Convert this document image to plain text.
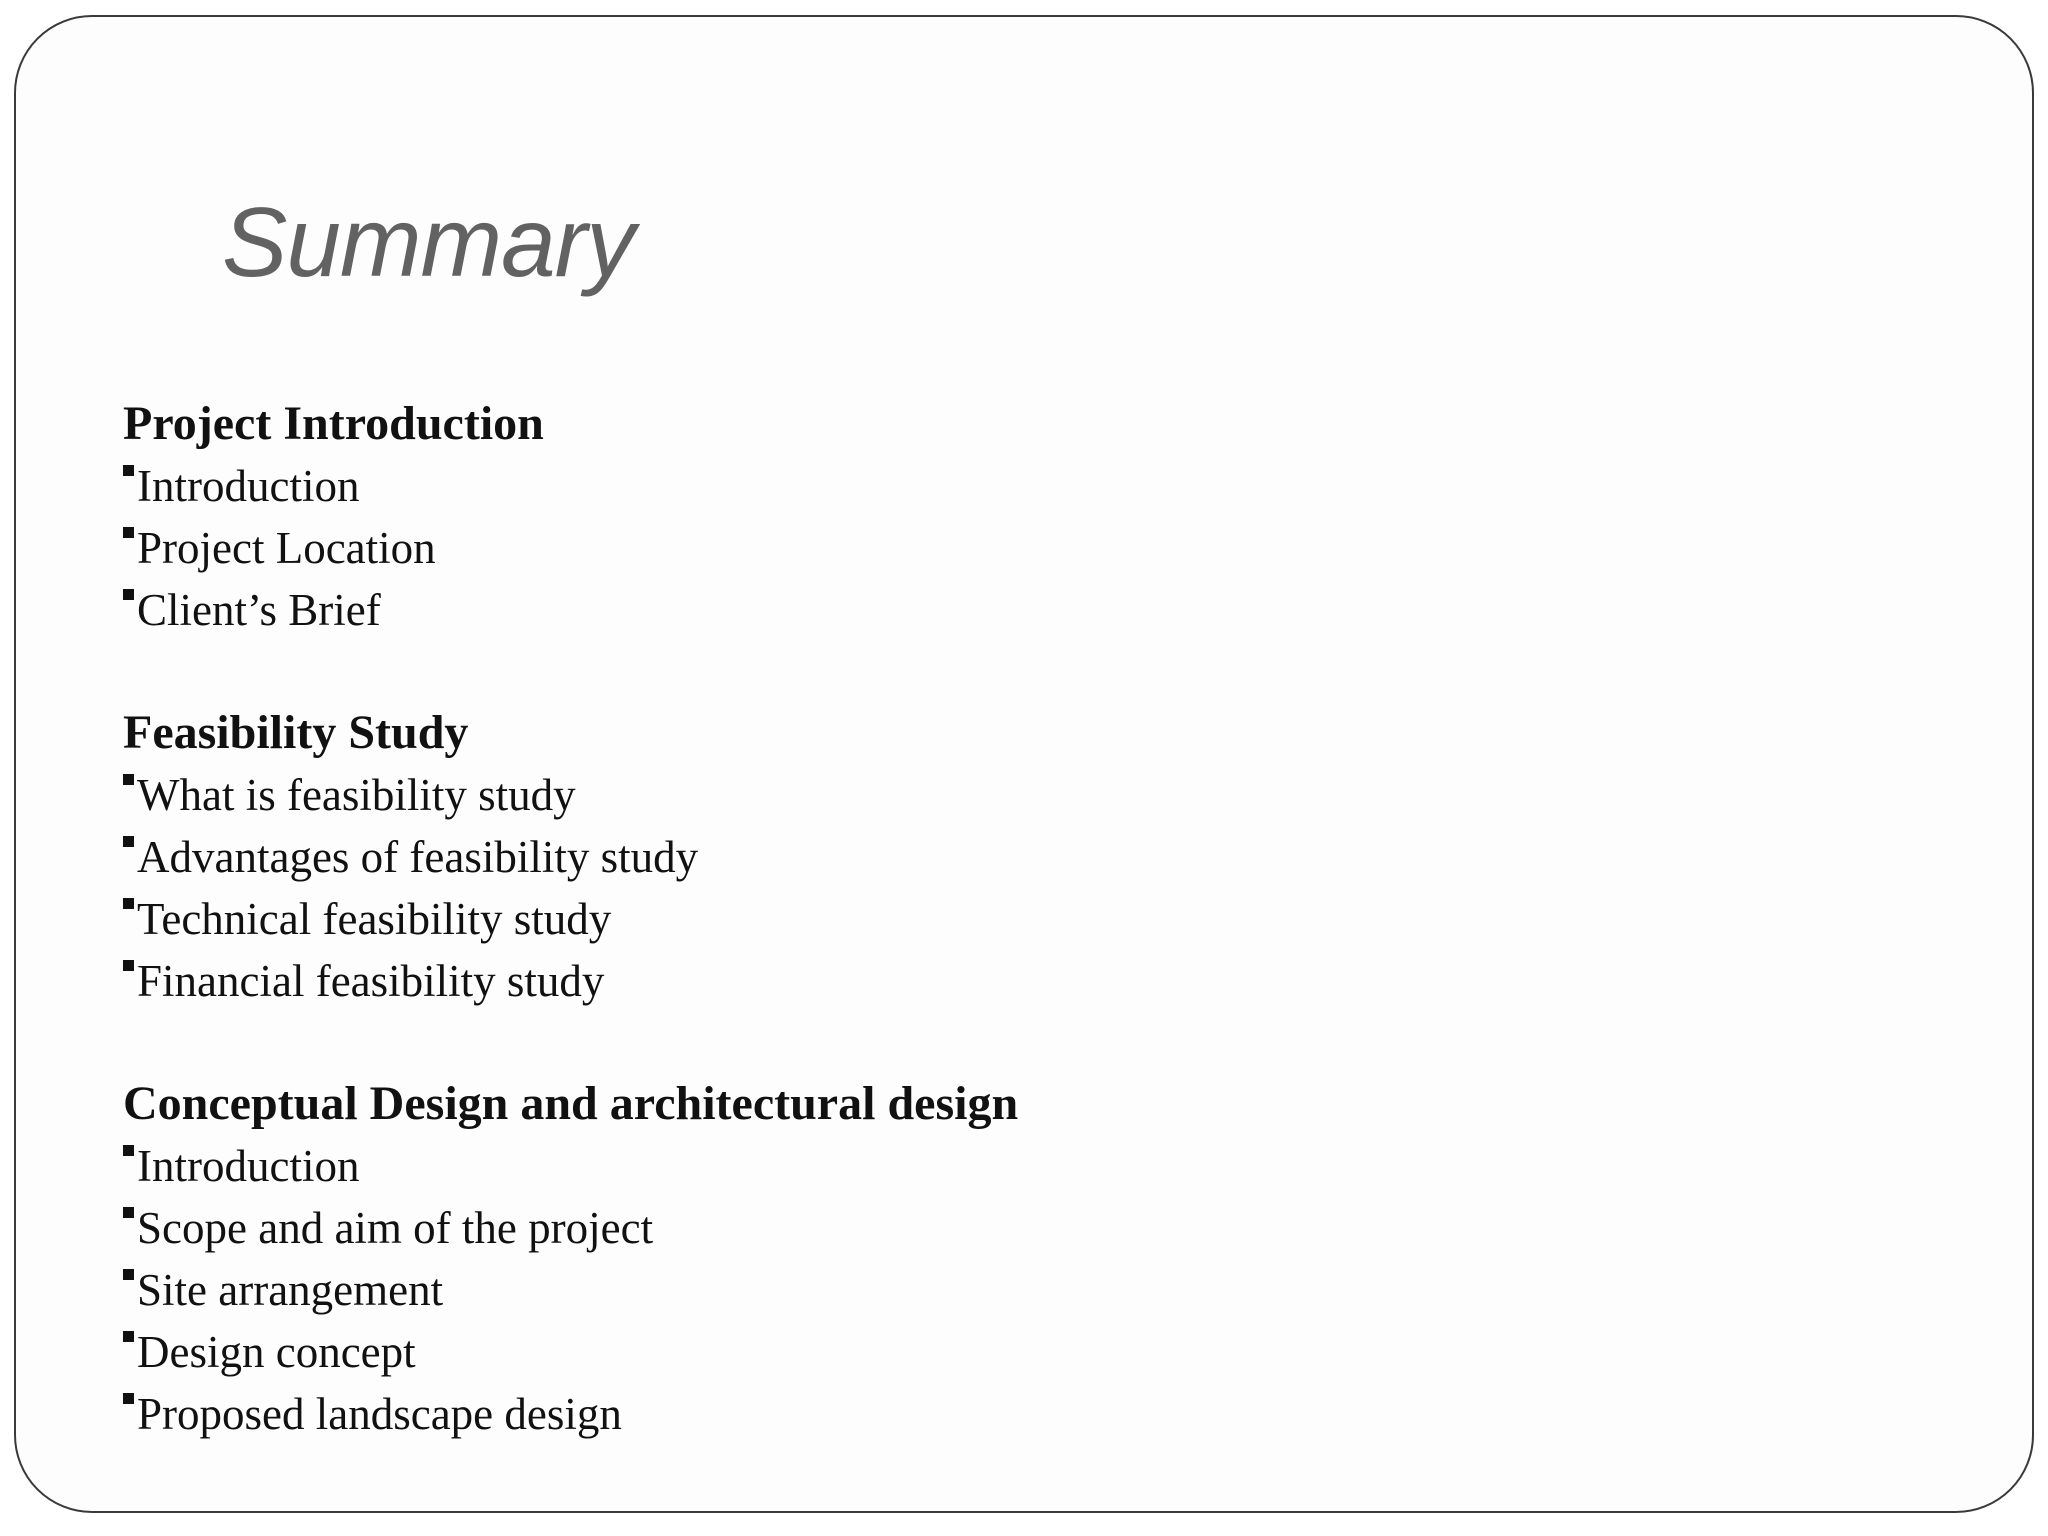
Summary

Project Introduction

Introduction
Project Location
Client’s Brief

Feasibility Study

What is feasibility study
Advantages of feasibility study
Technical feasibility study
Financial feasibility study

Conceptual Design and architectural design

Introduction
Scope and aim of the project
Site arrangement
Design concept
Proposed landscape design
